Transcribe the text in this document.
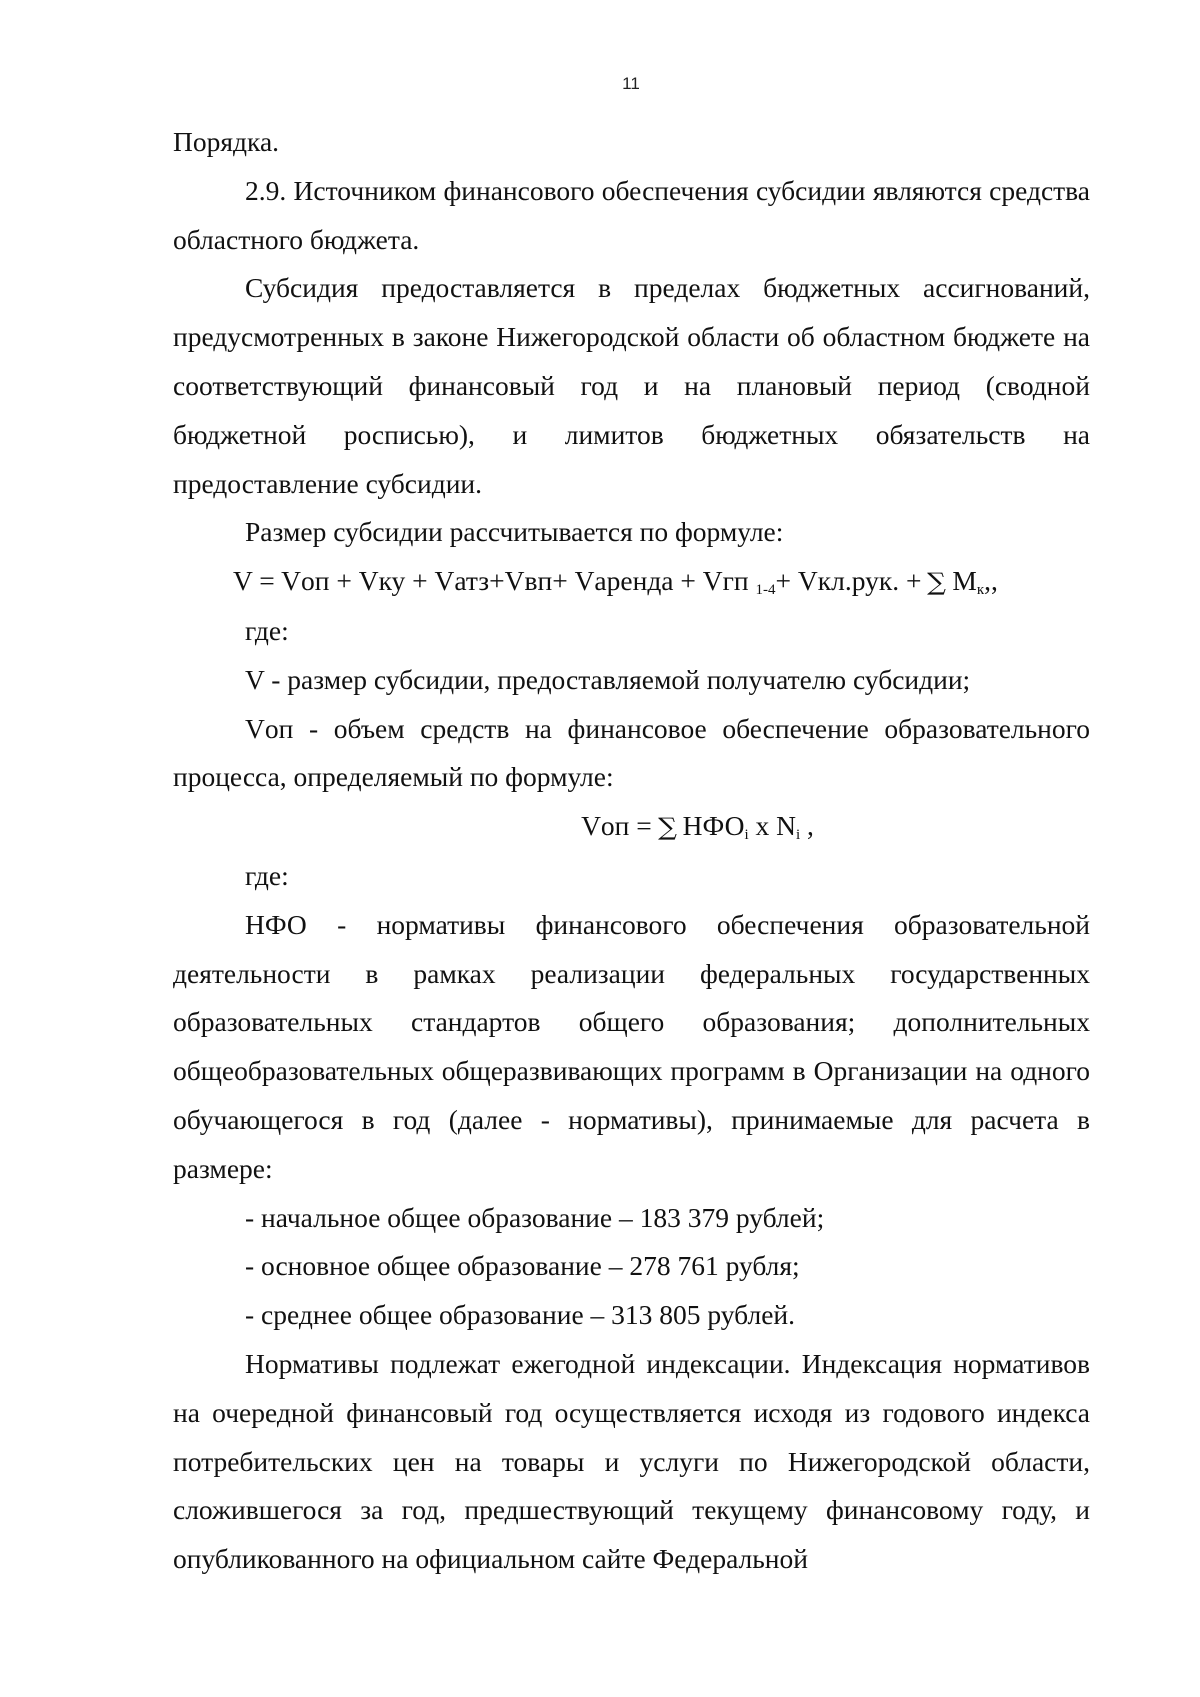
11

Порядка.

2.9. Источником финансового обеспечения субсидии являются средства областного бюджета.

Субсидия предоставляется в пределах бюджетных ассигнований, предусмотренных в законе Нижегородской области об областном бюджете на соответствующий финансовый год и на плановый период (сводной бюджетной росписью), и лимитов бюджетных обязательств на предоставление субсидии.

Размер субсидии рассчитывается по формуле:

V = Vоп + Vку + Vатз+Vвп+ Vаренда + Vгп $_{1-4}$+ Vкл.рук. + ∑ $М_к$,,

где:

V - размер субсидии, предоставляемой получателю субсидии;

Vоп - объем средств на финансовое обеспечение образовательного процесса, определяемый по формуле:

Vоп = ∑ $НФО_i$ х $N_i$ ,

где:

НФО - нормативы финансового обеспечения образовательной деятельности в рамках реализации федеральных государственных образовательных стандартов общего образования; дополнительных общеобразовательных общеразвивающих программ в Организации на одного обучающегося в год (далее - нормативы), принимаемые для расчета в размере:

- начальное общее образование – 183 379 рублей;

- основное общее образование – 278 761 рубля;

- среднее общее образование – 313 805 рублей.

Нормативы подлежат ежегодной индексации. Индексация нормативов на очередной финансовый год осуществляется исходя из годового индекса потребительских цен на товары и услуги по Нижегородской области, сложившегося за год, предшествующий текущему финансовому году, и опубликованного на официальном сайте Федеральной
